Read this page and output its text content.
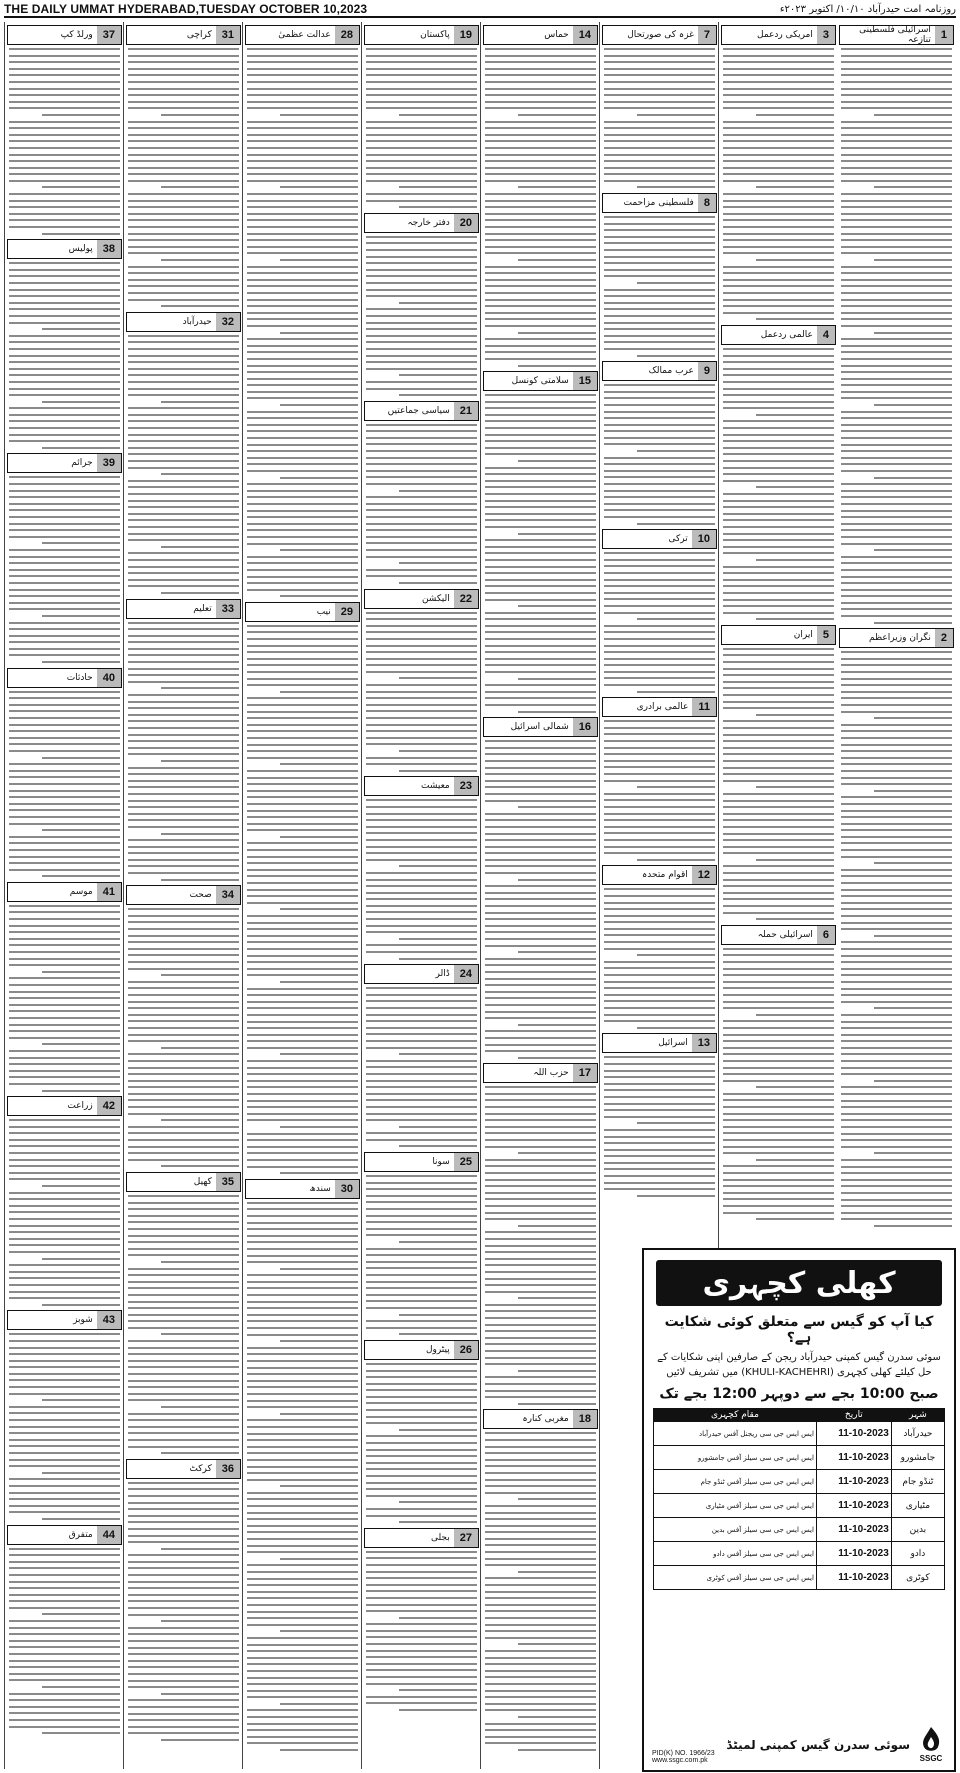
THE DAILY UMMAT HYDERABAD,TUESDAY OCTOBER 10,2023	روزنامہ امت حیدرآباد ۱۰/۱۰/ اکتوبر ۲۰۲۳ء
1
اسرائیلی فلسطینی تنازعہ
2
نگران وزیراعظم
3
امریکی ردعمل
4
عالمی ردعمل
5
ایران
6
اسرائیلی حملہ
7
غزہ کی صورتحال
8
فلسطینی مزاحمت
9
عرب ممالک
10
ترکی
11
عالمی برادری
12
اقوام متحدہ
13
اسرائیل
14
حماس
15
سلامتی کونسل
16
شمالی اسرائیل
17
حزب اللہ
18
مغربی کنارہ
19
پاکستان
20
دفتر خارجہ
21
سیاسی جماعتیں
22
الیکشن
23
معیشت
24
ڈالر
25
سونا
26
پیٹرول
27
بجلی
28
عدالت عظمیٰ
29
نیب
30
سندھ
31
کراچی
32
حیدرآباد
33
تعلیم
34
صحت
35
کھیل
36
کرکٹ
37
ورلڈ کپ
38
پولیس
39
جرائم
40
حادثات
41
موسم
42
زراعت
43
شوبز
44
متفرق
کھلی کچہری
کیا آپ کو گیس سے متعلق کوئی شکایت ہے؟
سوئی سدرن گیس کمپنی حیدرآباد ریجن کے صارفین اپنی شکایات کے حل کیلئے کھلی کچہری (KHULI-KACHEHRI) میں تشریف لائیں
صبح 10:00 بجے سے دوپہر 12:00 بجے تک
مقام کچہری	تاریخ	شہر
ایس ایس جی سی ریجنل آفس حیدرآباد	11-10-2023	حیدرآباد
ایس ایس جی سی سیلز آفس جامشورو	11-10-2023	جامشورو
ایس ایس جی سی سیلز آفس ٹنڈو جام	11-10-2023	ٹنڈو جام
ایس ایس جی سی سیلز آفس مٹیاری	11-10-2023	مٹیاری
ایس ایس جی سی سیلز آفس بدین	11-10-2023	بدین
ایس ایس جی سی سیلز آفس دادو	11-10-2023	دادو
ایس ایس جی سی سیلز آفس کوٹری	11-10-2023	کوٹری
PID(K) NO. 1966/23
www.ssgc.com.pk
سوئی سدرن گیس کمپنی لمیٹڈ
SSGC
